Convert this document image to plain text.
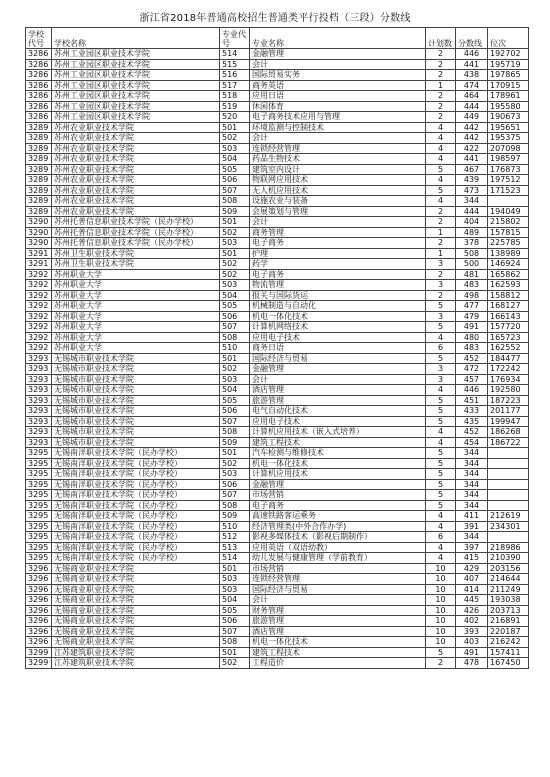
浙江省2018年普通高校招生普通类平行投档（三段）分数线
学校代号	学校名称	专业代号	专业名称	计划数	分数线	位次
3286	苏州工业园区职业技术学院	514	金融管理	2	446	192702
3286	苏州工业园区职业技术学院	515	会计	2	441	195719
3286	苏州工业园区职业技术学院	516	国际贸易实务	2	438	197865
3286	苏州工业园区职业技术学院	517	商务英语	1	474	170915
3286	苏州工业园区职业技术学院	518	应用日语	2	464	178961
3286	苏州工业园区职业技术学院	519	休闲体育	2	444	195580
3286	苏州工业园区职业技术学院	520	电子商务技术应用与管理	2	449	190673
3289	苏州农业职业技术学院	501	环境监测与控制技术	4	442	195651
3289	苏州农业职业技术学院	502	会计	4	442	195375
3289	苏州农业职业技术学院	503	连锁经营管理	4	422	207098
3289	苏州农业职业技术学院	504	药品生物技术	4	441	198597
3289	苏州农业职业技术学院	505	建筑室内设计	5	467	176873
3289	苏州农业职业技术学院	506	物联网应用技术	4	439	197512
3289	苏州农业职业技术学院	507	无人机应用技术	5	473	171523
3289	苏州农业职业技术学院	508	设施农业与装备	4	344	
3289	苏州农业职业技术学院	509	会展策划与管理	2	444	194049
3290	苏州托普信息职业技术学院（民办学校）	501	会计	2	404	215802
3290	苏州托普信息职业技术学院（民办学校）	502	商务管理	1	489	157815
3290	苏州托普信息职业技术学院（民办学校）	503	电子商务	2	378	225785
3291	苏州卫生职业技术学院	501	护理	1	508	138989
3291	苏州卫生职业技术学院	502	药学	3	500	146924
3292	苏州职业大学	502	电子商务	2	481	165862
3292	苏州职业大学	503	物流管理	3	483	162593
3292	苏州职业大学	504	报关与国际货运	2	498	158812
3292	苏州职业大学	505	机械制造与自动化	5	477	168127
3292	苏州职业大学	506	机电一体化技术	3	479	166143
3292	苏州职业大学	507	计算机网络技术	5	491	157720
3292	苏州职业大学	508	应用电子技术	4	480	165723
3292	苏州职业大学	510	商务日语	6	483	162552
3293	无锡城市职业技术学院	501	国际经济与贸易	5	452	184477
3293	无锡城市职业技术学院	502	金融管理	3	472	172242
3293	无锡城市职业技术学院	503	会计	3	457	176934
3293	无锡城市职业技术学院	504	酒店管理	4	446	192580
3293	无锡城市职业技术学院	505	旅游管理	5	451	187223
3293	无锡城市职业技术学院	506	电气自动化技术	5	433	201177
3293	无锡城市职业技术学院	507	应用电子技术	5	435	199947
3293	无锡城市职业技术学院	508	计算机应用技术（嵌入式培养）	4	452	186268
3293	无锡城市职业技术学院	509	建筑工程技术	4	454	186722
3295	无锡南洋职业技术学院（民办学校）	501	汽车检测与维修技术	5	344	
3295	无锡南洋职业技术学院（民办学校）	502	机电一体化技术	5	344	
3295	无锡南洋职业技术学院（民办学校）	503	计算机应用技术	5	344	
3295	无锡南洋职业技术学院（民办学校）	506	金融管理	5	344	
3295	无锡南洋职业技术学院（民办学校）	507	市场营销	5	344	
3295	无锡南洋职业技术学院（民办学校）	508	电子商务	5	344	
3295	无锡南洋职业技术学院（民办学校）	509	高速铁路客运乘务	4	411	212619
3295	无锡南洋职业技术学院（民办学校）	510	经济管理类(中外合作办学)	4	391	234301
3295	无锡南洋职业技术学院（民办学校）	512	影视多媒体技术（影视后期制作）	6	344	
3295	无锡南洋职业技术学院（民办学校）	513	应用英语（双语幼教）	4	397	218986
3295	无锡南洋职业技术学院（民办学校）	514	幼儿发展与健康管理（学前教育）	4	415	210390
3296	无锡商业职业技术学院	501	市场营销	10	429	203156
3296	无锡商业职业技术学院	503	连锁经营管理	10	407	214644
3296	无锡商业职业技术学院	503	国际经济与贸易	10	414	211249
3296	无锡商业职业技术学院	504	会计	10	445	193038
3296	无锡商业职业技术学院	505	财务管理	10	426	203713
3296	无锡商业职业技术学院	506	旅游管理	10	402	216891
3296	无锡商业职业技术学院	507	酒店管理	10	393	220187
3296	无锡商业职业技术学院	508	机电一体化技术	10	403	216242
3299	江苏建筑职业技术学院	501	建筑工程技术	5	491	157411
3299	江苏建筑职业技术学院	502	工程造价	2	478	167450
